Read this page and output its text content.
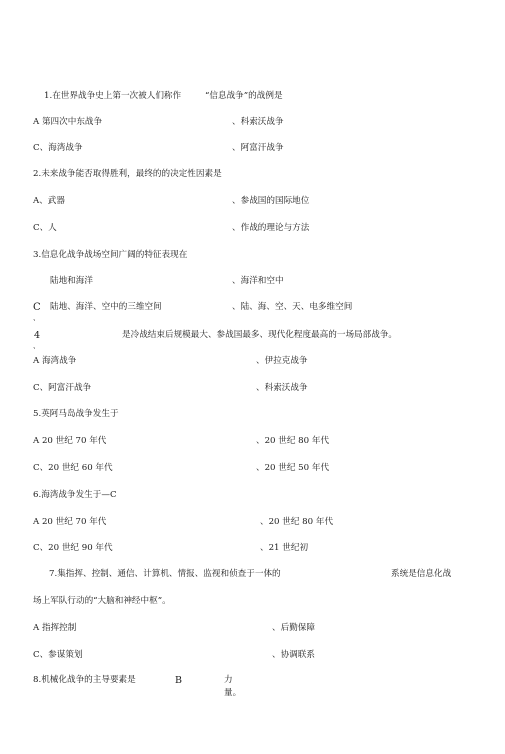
1.在世界战争史上第一次被人们称作	“信息战争”的战例是
A 第四次中东战争	、科索沃战争
C、海湾战争	、阿富汗战争
2.未来战争能否取得胜利，最终的的决定性因素是
A、武器	、参战国的国际地位
C、人	、作战的理论与方法
3.信息化战争战场空间广阔的特征表现在
陆地和海洋	、海洋和空中
C 陆地、海洋、空中的三维空间	、陆、海、空、天、电多维空间
、
4	是冷战结束后规模最大、参战国最多、现代化程度最高的一场局部战争。
、
A 海湾战争	、伊拉克战争
C、阿富汗战争	、科索沃战争
5.英阿马岛战争发生于
A 20 世纪 70 年代	、20 世纪 80 年代
C、20 世纪 60 年代	、20 世纪 50 年代
6.海湾战争发生于—C
A 20 世纪 70 年代	、20 世纪 80 年代
C、20 世纪 90 年代	、21 世纪初
7.集指挥、控制、通信、计算机、情报、监视和侦查于一体的	系统是信息化战
场上军队行动的“大脑和神经中枢”。
A 指挥控制	、后勤保障
C、参谋策划	、协调联系
8.机械化战争的主导要素是	B	力
量。
